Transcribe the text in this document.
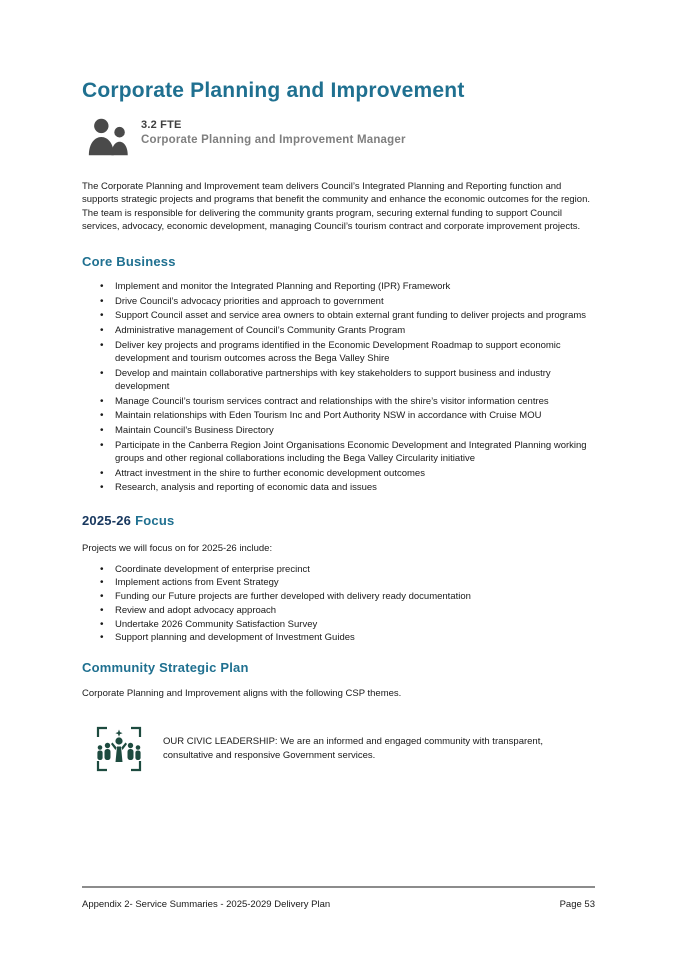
Corporate Planning and Improvement
3.2 FTE
Corporate Planning and Improvement Manager

The Corporate Planning and Improvement team delivers Council’s Integrated Planning and Reporting function and supports strategic projects and programs that benefit the community and enhance the economic outcomes for the region. The team is responsible for delivering the community grants program, securing external funding to support Council services, advocacy, economic development, managing Council’s tourism contract and corporate improvement projects.

Core Business
• Implement and monitor the Integrated Planning and Reporting (IPR) Framework
• Drive Council’s advocacy priorities and approach to government
• Support Council asset and service area owners to obtain external grant funding to deliver projects and programs
• Administrative management of Council’s Community Grants Program
• Deliver key projects and programs identified in the Economic Development Roadmap to support economic development and tourism outcomes across the Bega Valley Shire
• Develop and maintain collaborative partnerships with key stakeholders to support business and industry development
• Manage Council’s tourism services contract and relationships with the shire’s visitor information centres
• Maintain relationships with Eden Tourism Inc and Port Authority NSW in accordance with Cruise MOU
• Maintain Council’s Business Directory
• Participate in the Canberra Region Joint Organisations Economic Development and Integrated Planning working groups and other regional collaborations including the Bega Valley Circularity initiative
• Attract investment in the shire to further economic development outcomes
• Research, analysis and reporting of economic data and issues
2025-26 Focus

Projects we will focus on for 2025-26 include:

• Coordinate development of enterprise precinct
• Implement actions from Event Strategy
• Funding our Future projects are further developed with delivery ready documentation
• Review and adopt advocacy approach
• Undertake 2026 Community Satisfaction Survey
• Support planning and development of Investment Guides
Community Strategic Plan

Corporate Planning and Improvement aligns with the following CSP themes.

OUR CIVIC LEADERSHIP: We are an informed and engaged community with transparent, consultative and responsive Government services.

Appendix 2- Service Summaries - 2025-2029 Delivery Plan	Page 53
